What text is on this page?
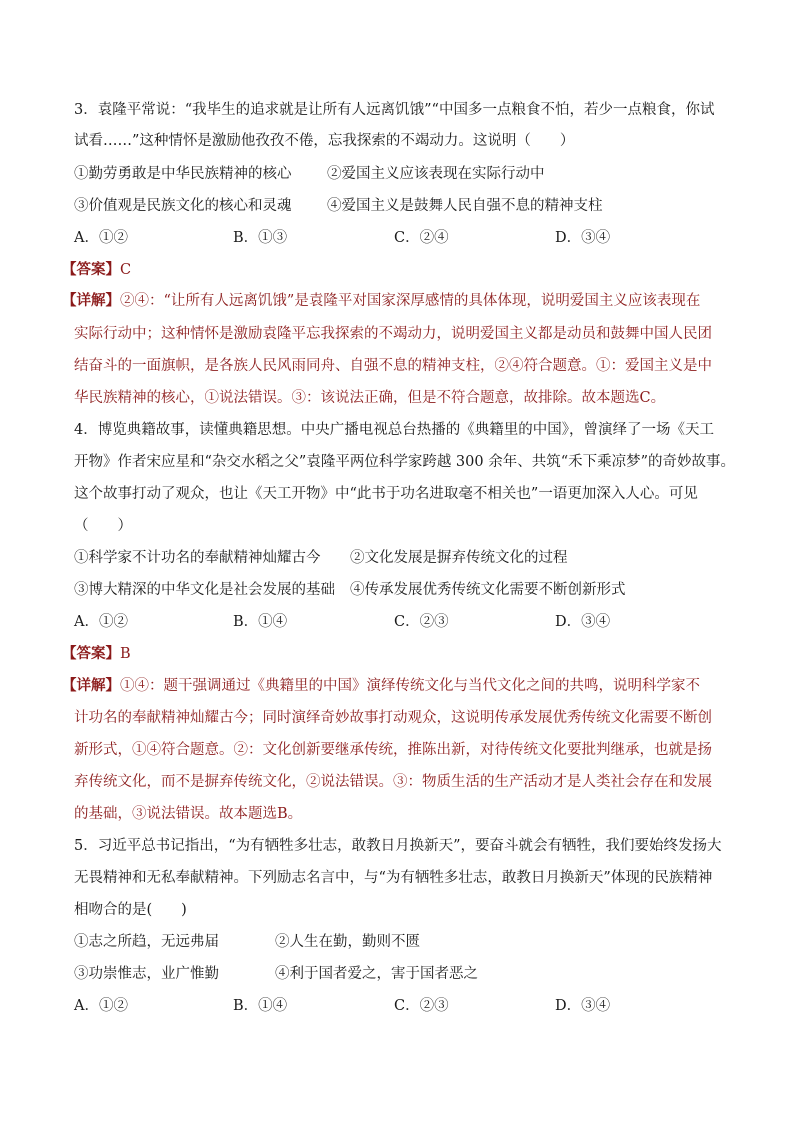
3．袁隆平常说：“我毕生的追求就是让所有人远离饥饿”“中国多一点粮食不怕，若少一点粮食，你试
试看……”这种情怀是激励他孜孜不倦，忘我探索的不竭动力。这说明（　　）
①勤劳勇敢是中华民族精神的核心 ②爱国主义应该表现在实际行动中
③价值观是民族文化的核心和灵魂 ④爱国主义是鼓舞人民自强不息的精神支柱
A．①②	B．①③	C．②④	D．③④
【答案】C
【详解】②④：“让所有人远离饥饿”是袁隆平对国家深厚感情的具体体现，说明爱国主义应该表现在
实际行动中；这种情怀是激励袁隆平忘我探索的不竭动力，说明爱国主义都是动员和鼓舞中国人民团
结奋斗的一面旗帜，是各族人民风雨同舟、自强不息的精神支柱，②④符合题意。①：爱国主义是中
华民族精神的核心，①说法错误。③：该说法正确，但是不符合题意，故排除。故本题选C。
4．博览典籍故事，读懂典籍思想。中央广播电视总台热播的《典籍里的中国》，曾演绎了一场《天工
开物》作者宋应星和“杂交水稻之父”袁隆平两位科学家跨越 300 余年、共筑“禾下乘凉梦”的奇妙故事。
这个故事打动了观众，也让《天工开物》中“此书于功名进取毫不相关也”一语更加深入人心。可见
（　　）
①科学家不计功名的奉献精神灿耀古今 ②文化发展是摒弃传统文化的过程
③博大精深的中华文化是社会发展的基础 ④传承发展优秀传统文化需要不断创新形式
A．①②	B．①④	C．②③	D．③④
【答案】B
【详解】①④：题干强调通过《典籍里的中国》演绎传统文化与当代文化之间的共鸣，说明科学家不
计功名的奉献精神灿耀古今；同时演绎奇妙故事打动观众，这说明传承发展优秀传统文化需要不断创
新形式，①④符合题意。②：文化创新要继承传统，推陈出新，对待传统文化要批判继承，也就是扬
弃传统文化，而不是摒弃传统文化，②说法错误。③：物质生活的生产活动才是人类社会存在和发展
的基础，③说法错误。故本题选B。
5．习近平总书记指出，“为有牺牲多壮志，敢教日月换新天”，要奋斗就会有牺牲，我们要始终发扬大
无畏精神和无私奉献精神。下列励志名言中，与“为有牺牲多壮志，敢教日月换新天”体现的民族精神
相吻合的是(　　)
①志之所趋，无远弗届	②人生在勤，勤则不匮
③功崇惟志，业广惟勤	④利于国者爱之，害于国者恶之
A．①②	B．①④	C．②③	D．③④
